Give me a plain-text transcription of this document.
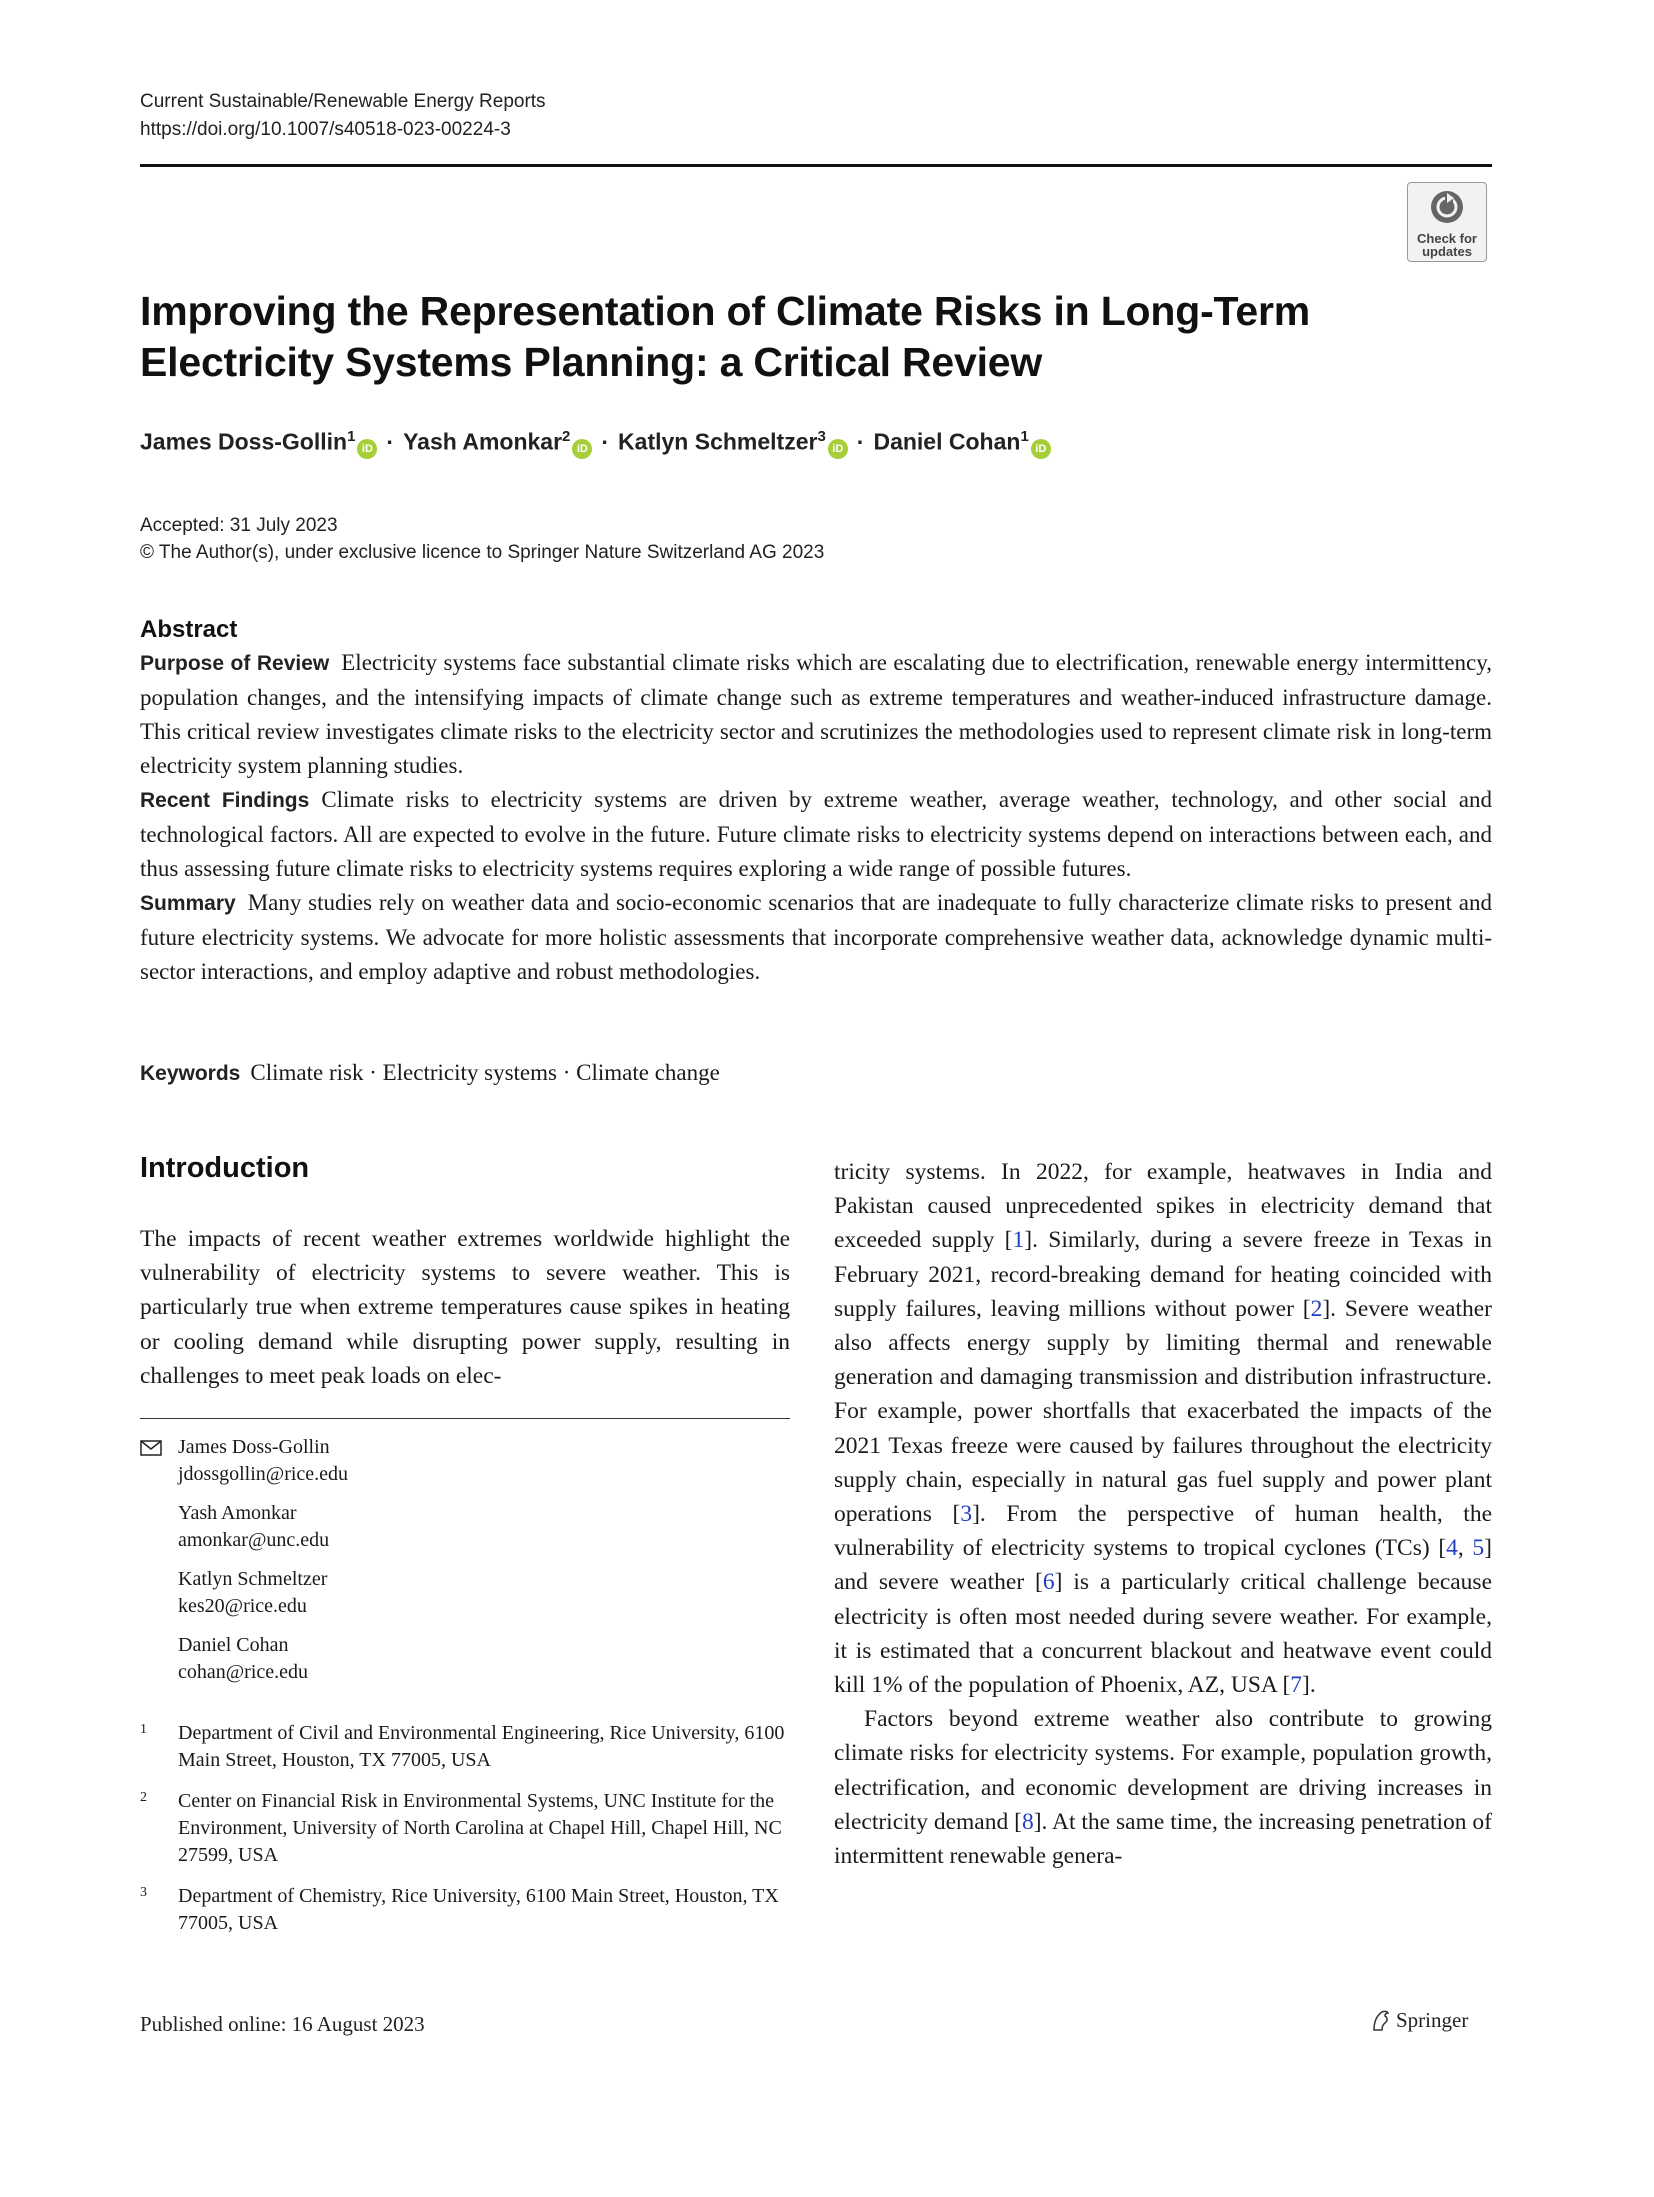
Current Sustainable/Renewable Energy Reports
https://doi.org/10.1007/s40518-023-00224-3
Check for
updates
Improving the Representation of Climate Risks in Long-Term Electricity Systems Planning: a Critical Review
James Doss-Gollin$^1$iD · Yash Amonkar$^2$iD · Katlyn Schmeltzer$^3$iD · Daniel Cohan$^1$iD
Accepted: 31 July 2023
© The Author(s), under exclusive licence to Springer Nature Switzerland AG 2023
Abstract

Purpose of Review Electricity systems face substantial climate risks which are escalating due to electrification, renewable energy intermittency, population changes, and the intensifying impacts of climate change such as extreme temperatures and weather-induced infrastructure damage. This critical review investigates climate risks to the electricity sector and scrutinizes the methodologies used to represent climate risk in long-term electricity system planning studies.

Recent Findings Climate risks to electricity systems are driven by extreme weather, average weather, technology, and other social and technological factors. All are expected to evolve in the future. Future climate risks to electricity systems depend on interactions between each, and thus assessing future climate risks to electricity systems requires exploring a wide range of possible futures.

Summary Many studies rely on weather data and socio-economic scenarios that are inadequate to fully characterize climate risks to present and future electricity systems. We advocate for more holistic assessments that incorporate comprehensive weather data, acknowledge dynamic multi-sector interactions, and employ adaptive and robust methodologies.

Keywords Climate risk · Electricity systems · Climate change
Introduction

The impacts of recent weather extremes worldwide highlight the vulnerability of electricity systems to severe weather. This is particularly true when extreme temperatures cause spikes in heating or cooling demand while disrupting power supply, resulting in challenges to meet peak loads on elec-

James Doss-Gollin
jdossgollin@rice.edu
Yash Amonkar
amonkar@unc.edu
Katlyn Schmeltzer
kes20@rice.edu
Daniel Cohan
cohan@rice.edu
1 Department of Civil and Environmental Engineering, Rice University, 6100 Main Street, Houston, TX 77005, USA
2 Center on Financial Risk in Environmental Systems, UNC Institute for the Environment, University of North Carolina at Chapel Hill, Chapel Hill, NC 27599, USA
3 Department of Chemistry, Rice University, 6100 Main Street, Houston, TX 77005, USA

tricity systems. In 2022, for example, heatwaves in India and Pakistan caused unprecedented spikes in electricity demand that exceeded supply [1]. Similarly, during a severe freeze in Texas in February 2021, record-breaking demand for heating coincided with supply failures, leaving millions without power [2]. Severe weather also affects energy supply by limiting thermal and renewable generation and damaging transmission and distribution infrastructure. For example, power shortfalls that exacerbated the impacts of the 2021 Texas freeze were caused by failures throughout the electricity supply chain, especially in natural gas fuel supply and power plant operations [3]. From the perspective of human health, the vulnerability of electricity systems to tropical cyclones (TCs) [4, 5] and severe weather [6] is a particularly critical challenge because electricity is often most needed during severe weather. For example, it is estimated that a concurrent blackout and heatwave event could kill 1% of the population of Phoenix, AZ, USA [7].

Factors beyond extreme weather also contribute to growing climate risks for electricity systems. For example, population growth, electrification, and economic development are driving increases in electricity demand [8]. At the same time, the increasing penetration of intermittent renewable genera-

Published online: 16 August 2023	Springer
